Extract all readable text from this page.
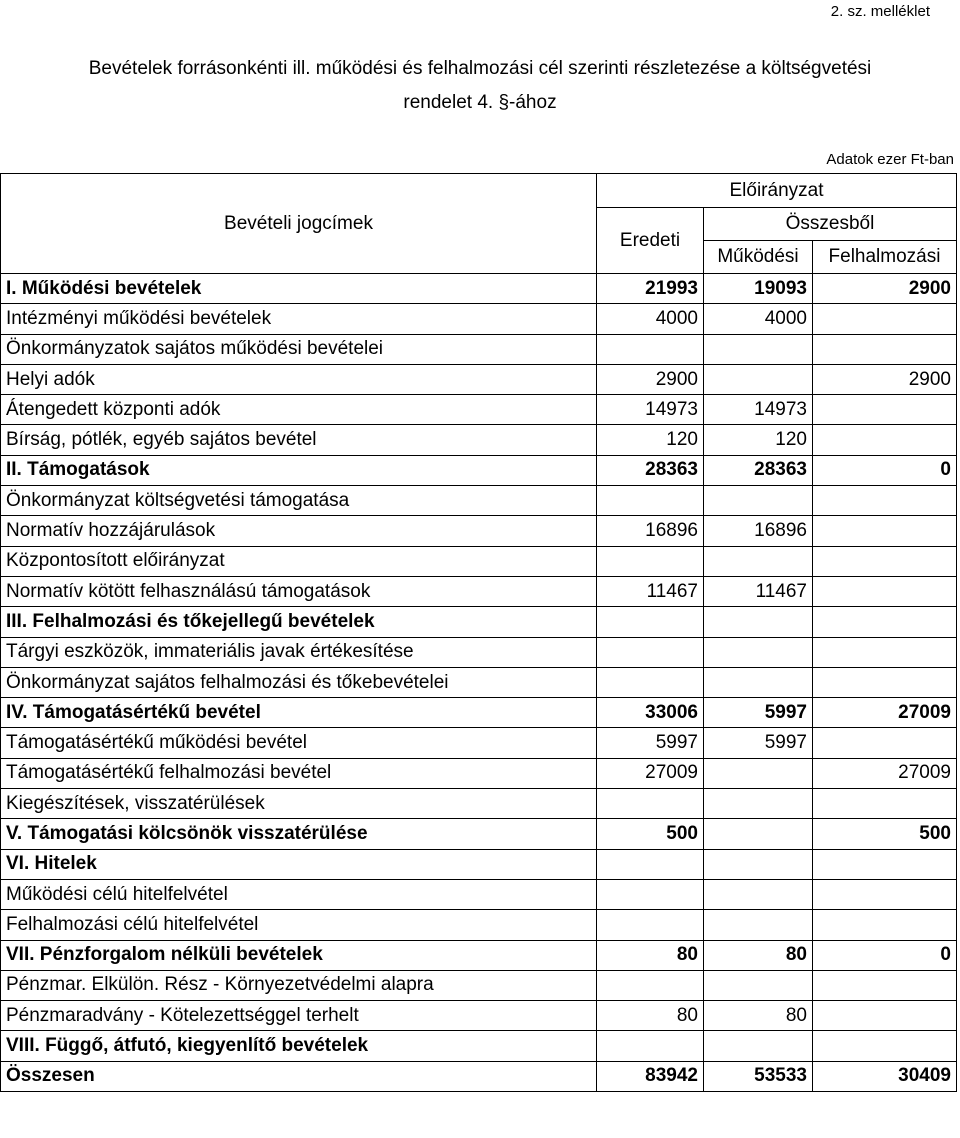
2. sz. melléklet
Bevételek forrásonkénti ill. működési és felhalmozási cél szerinti részletezése a költségvetési
rendelet 4. §-ához
Adatok ezer Ft-ban
Bevételi jogcímek	Előirányzat		
	Eredeti	Összesből	
		Működési	Felhalmozási
I. Működési bevételek	21993	19093	2900
Intézményi működési bevételek	4000	4000	
Önkormányzatok sajátos működési bevételei			
Helyi adók	2900		2900
Átengedett központi adók	14973	14973	
Bírság, pótlék, egyéb sajátos bevétel	120	120	
II. Támogatások	28363	28363	0
Önkormányzat költségvetési támogatása			
Normatív hozzájárulások	16896	16896	
Központosított előirányzat			
Normatív kötött felhasználású támogatások	11467	11467	
III. Felhalmozási és tőkejellegű bevételek			
Tárgyi eszközök, immateriális javak értékesítése			
Önkormányzat sajátos felhalmozási és tőkebevételei			
IV. Támogatásértékű bevétel	33006	5997	27009
Támogatásértékű működési bevétel	5997	5997	
Támogatásértékű felhalmozási bevétel	27009		27009
Kiegészítések, visszatérülések			
V. Támogatási kölcsönök visszatérülése	500		500
VI. Hitelek			
Működési célú hitelfelvétel			
Felhalmozási célú hitelfelvétel			
VII. Pénzforgalom nélküli bevételek	80	80	0
Pénzmar. Elkülön. Rész - Környezetvédelmi alapra			
Pénzmaradvány - Kötelezettséggel terhelt	80	80	
VIII. Függő, átfutó, kiegyenlítő bevételek			
Összesen	83942	53533	30409
